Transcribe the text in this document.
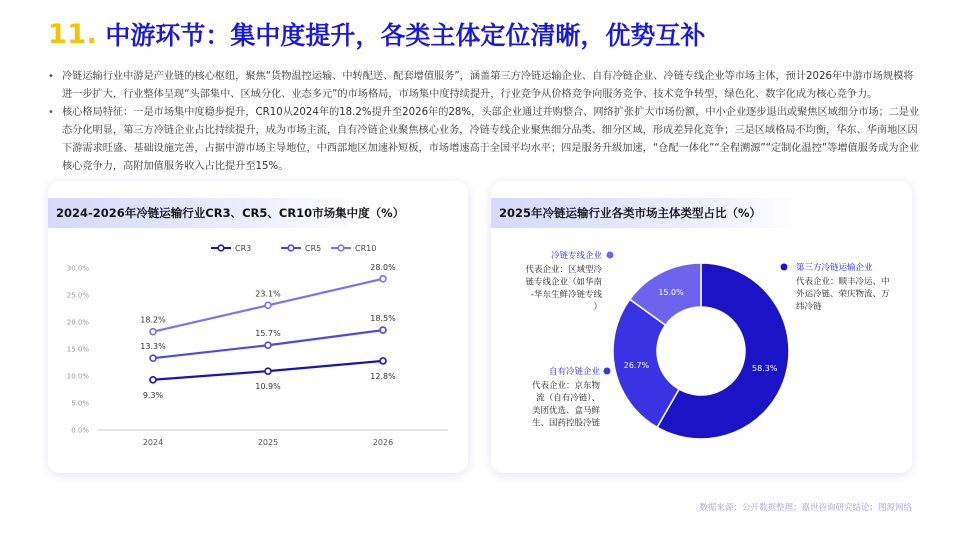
11. 中游环节：集中度提升，各类主体定位清晰，优势互补
• 冷链运输行业中游是产业链的核心枢纽，聚焦“货物温控运输、中转配送、配套增值服务”，涵盖第三方冷链运输企业、自有冷链企业、冷链专线企业等市场主体，预计2026年中游市场规模将进一步扩大，行业整体呈现“头部集中、区域分化、业态多元”的市场格局，市场集中度持续提升，行业竞争从价格竞争向服务竞争、技术竞争转型，绿色化、数字化成为核心竞争力。
• 核心格局特征：一是市场集中度稳步提升，CR10从2024年的18.2%提升至2026年的28%，头部企业通过并购整合、网络扩张扩大市场份额，中小企业逐步退出或聚焦区域细分市场；二是业态分化明显，第三方冷链企业占比持续提升，成为市场主流，自有冷链企业聚焦核心业务，冷链专线企业聚焦细分品类、细分区域，形成差异化竞争；三是区域格局不均衡，华东、华南地区因下游需求旺盛、基础设施完善，占据中游市场主导地位，中西部地区加速补短板，市场增速高于全国平均水平；四是服务升级加速，“仓配一体化”“全程溯源”“定制化温控”等增值服务成为企业核心竞争力，高附加值服务收入占比提升至15%。
2024-2026年冷链运输行业CR3、CR5、CR10市场集中度（%）
0.0%
5.0%
10.0%
15.0%
20.0%
25.0%
30.0%
2024	2025	2026
CR3	CR5	CR10
9.3%
10.9%
12.8%
13.3%
15.7%
18.5%
18.2%
23.1%
28.0%
2025年冷链运输行业各类市场主体类型占比（%）
58.3%
26.7%
15.0%
第三方冷链运输企业
代表企业：顺丰冷运、中外运冷链、荣庆物流、万纬冷链
自有冷链企业
代表企业：京东物流（自有冷链）、美团优选、盒马鲜生、国药控股冷链
冷链专线企业
代表企业：区域型冷链专线企业（如华南-华东生鲜冷链专线）
数据来源：公开数据整理；嘉世咨询研究结论；图源网络
